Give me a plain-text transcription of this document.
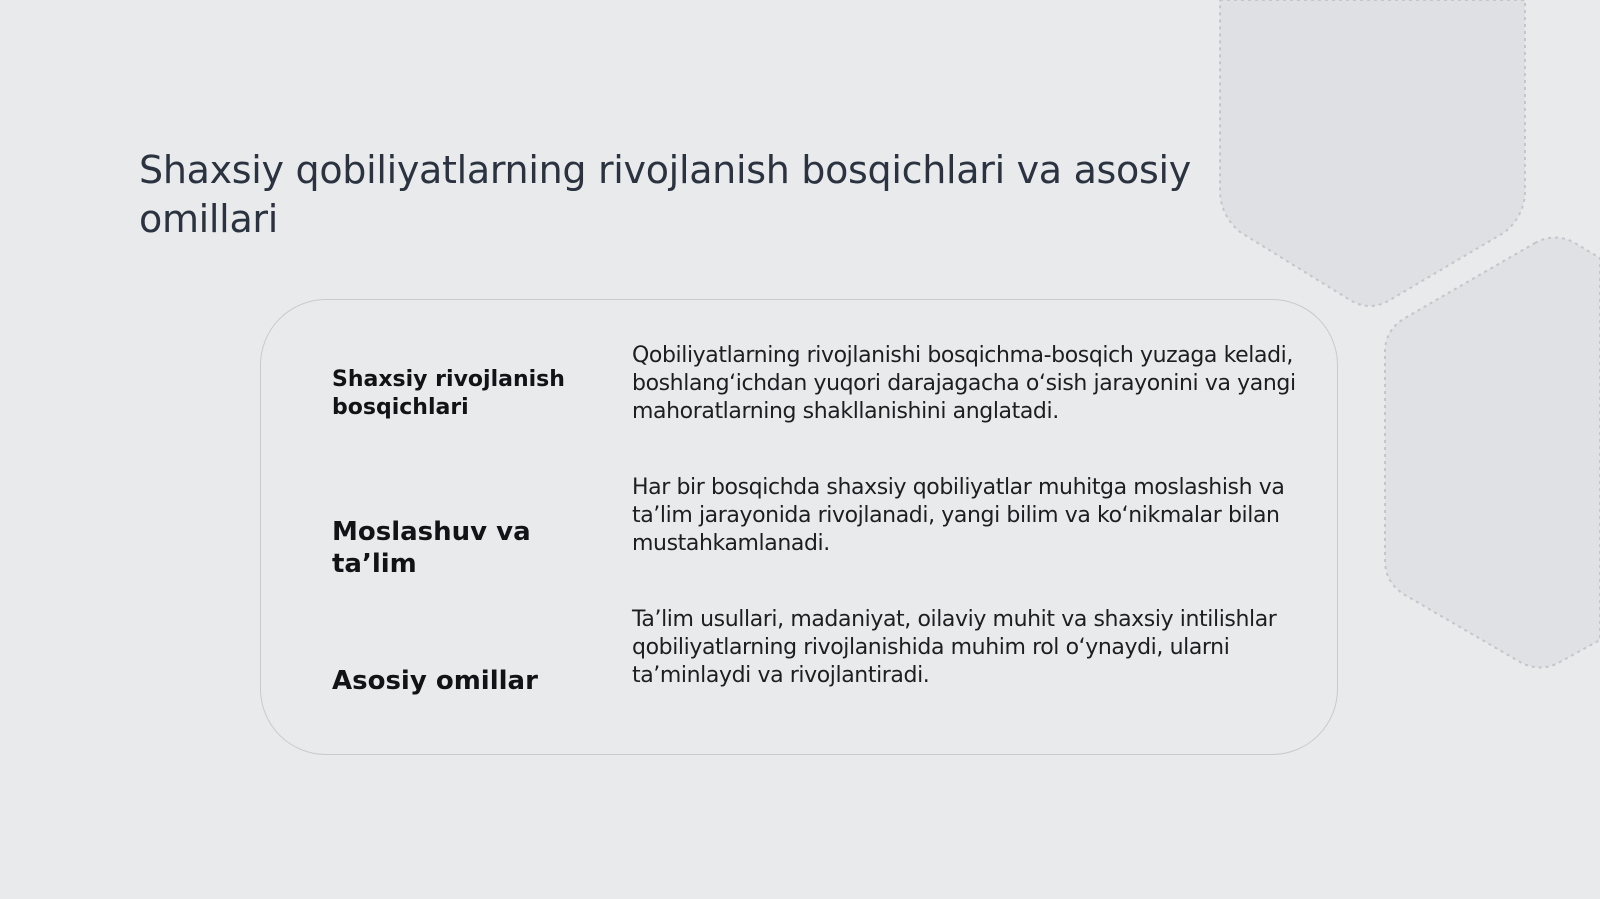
Shaxsiy qobiliyatlarning rivojlanish bosqichlari va asosiy omillari

Shaxsiy rivojlanish bosqichlari

Qobiliyatlarning rivojlanishi bosqichma-bosqich yuzaga keladi, boshlang‘ichdan yuqori darajagacha o‘sish jarayonini va yangi mahoratlarning shakllanishini anglatadi.

Moslashuv va ta’lim

Har bir bosqichda shaxsiy qobiliyatlar muhitga moslashish va ta’lim jarayonida rivojlanadi, yangi bilim va ko‘nikmalar bilan mustahkamlanadi.

Asosiy omillar

Ta’lim usullari, madaniyat, oilaviy muhit va shaxsiy intilishlar qobiliyatlarning rivojlanishida muhim rol o‘ynaydi, ularni ta’minlaydi va rivojlantiradi.
